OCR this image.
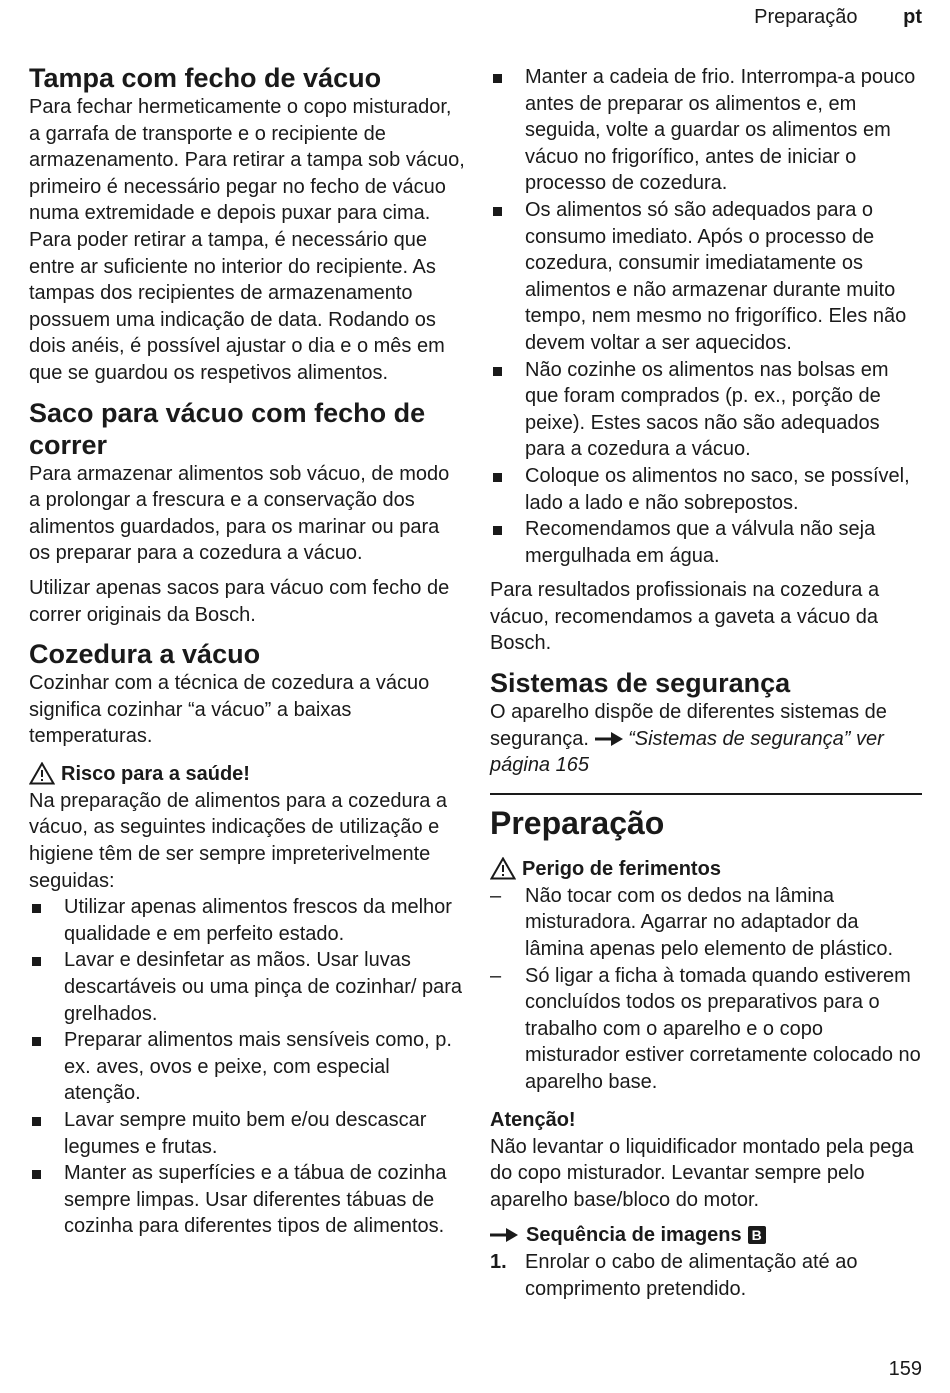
Preparação pt
Tampa com fecho de vácuo

Para fechar hermeticamente o copo misturador, a garrafa de transporte e o recipiente de armazenamento. Para retirar a tampa sob vácuo, primeiro é necessário pegar no fecho de vácuo numa extremidade e depois puxar para cima. Para poder retirar a tampa, é necessário que entre ar suficiente no interior do recipiente. As tampas dos recipientes de armazenamento possuem uma indicação de data. Rodando os dois anéis, é possível ajustar o dia e o mês em que se guardou os respetivos alimentos.

Saco para vácuo com fecho de correr

Para armazenar alimentos sob vácuo, de modo a prolongar a frescura e a conservação dos alimentos guardados, para os marinar ou para os preparar para a cozedura a vácuo.

Utilizar apenas sacos para vácuo com fecho de correr originais da Bosch.

Cozedura a vácuo

Cozinhar com a técnica de cozedura a vácuo significa cozinhar “a vácuo” a baixas temperaturas.

Risco para a saúde!

Na preparação de alimentos para a cozedura a vácuo, as seguintes indicações de utilização e higiene têm de ser sempre impreterivelmente seguidas:

Utilizar apenas alimentos frescos da melhor qualidade e em perfeito estado.
Lavar e desinfetar as mãos. Usar luvas descartáveis ou uma pinça de cozinhar/ para grelhados.
Preparar alimentos mais sensíveis como, p. ex. aves, ovos e peixe, com especial atenção.
Lavar sempre muito bem e/ou descascar legumes e frutas.
Manter as superfícies e a tábua de cozinha sempre limpas. Usar diferentes tábuas de cozinha para diferentes tipos de alimentos.
Manter a cadeia de frio. Interrompa-a pouco antes de preparar os alimentos e, em seguida, volte a guardar os alimentos em vácuo no frigorífico, antes de iniciar o processo de cozedura.
Os alimentos só são adequados para o consumo imediato. Após o processo de cozedura, consumir imediatamente os alimentos e não armazenar durante muito tempo, nem mesmo no frigorífico. Eles não devem voltar a ser aquecidos.
Não cozinhe os alimentos nas bolsas em que foram comprados (p. ex., porção de peixe). Estes sacos não são adequados para a cozedura a vácuo.
Coloque os alimentos no saco, se possível, lado a lado e não sobrepostos.
Recomendamos que a válvula não seja mergulhada em água.

Para resultados profissionais na cozedura a vácuo, recomendamos a gaveta a vácuo da Bosch.

Sistemas de segurança

O aparelho dispõe de diferentes sistemas de segurança. “Sistemas de segurança” ver página 165

Preparação
Perigo de ferimentos
– Não tocar com os dedos na lâmina misturadora. Agarrar no adaptador da lâmina apenas pelo elemento de plástico.
– Só ligar a ficha à tomada quando estiverem concluídos todos os preparativos para o trabalho com o aparelho e o copo misturador estiver corretamente colocado no aparelho base.
Atenção!

Não levantar o liquidificador montado pela pega do copo misturador. Levantar sempre pelo aparelho base/bloco do motor.

Sequência de imagens B
1. Enrolar o cabo de alimentação até ao comprimento pretendido.
159
